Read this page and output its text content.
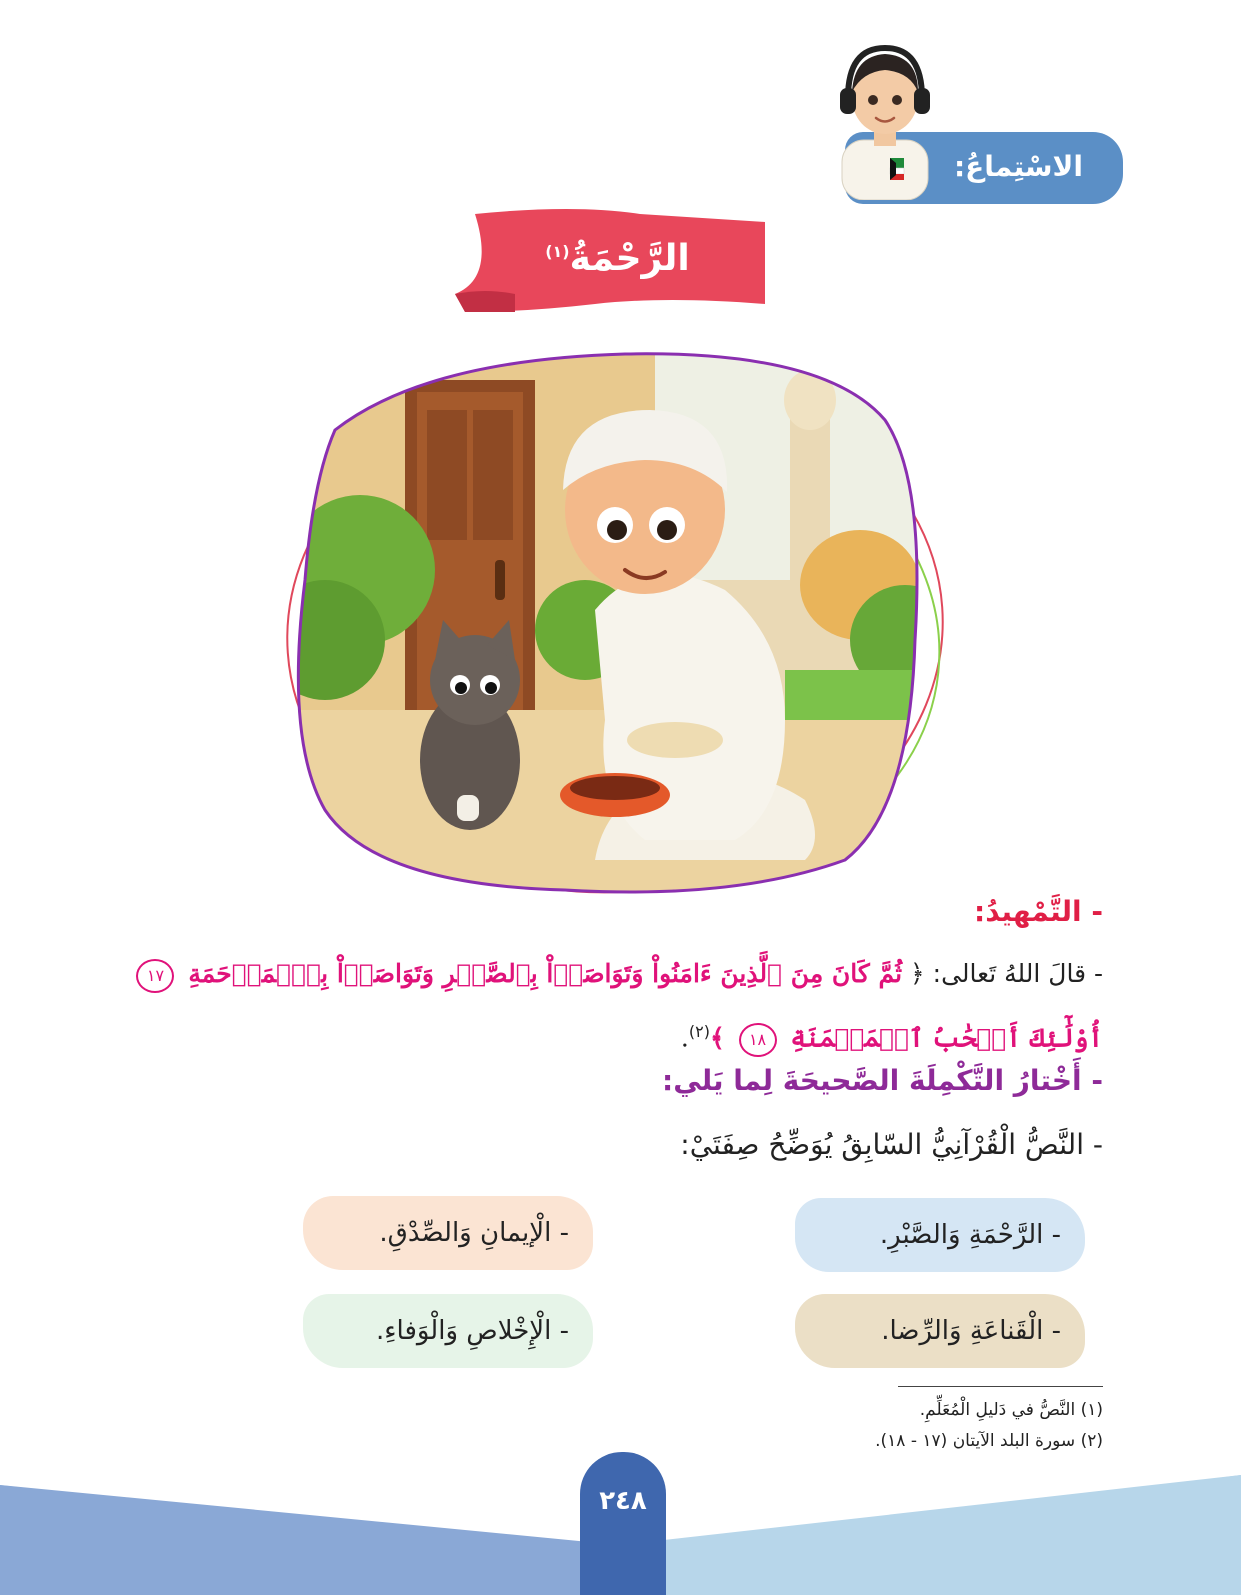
الاسْتِماعُ:
الرَّحْمَةُ$^{(١)}$
- التَّمْهيدُ:
- قالَ اللهُ تَعالى: ﴿ ثُمَّ كَانَ مِنَ ٱلَّذِينَ ءَامَنُواْ وَتَوَاصَوۡاْ بِٱلصَّبۡرِ وَتَوَاصَوۡاْ بِٱلۡمَرۡحَمَةِ ١٧ أُوْلَٰٓئِكَ أَصۡحَٰبُ ٱلۡمَيۡمَنَةِ ١٨ ﴾$^{(٢)}$.
- أَخْتارُ التَّكْمِلَةَ الصَّحيحَةَ لِما يَلي:
- النَّصُّ الْقُرْآنِيُّ السّابِقُ يُوَضِّحُ صِفَتَيْ:
- الرَّحْمَةِ وَالصَّبْرِ.
- الْإيمانِ وَالصِّدْقِ.
- الْقَناعَةِ وَالرِّضا.
- الْإِخْلاصِ وَالْوَفاءِ.
(١) النَّصُّ في دَليلِ الْمُعَلِّمِ.
(٢) سورة البلد الآيتان (١٧ - ١٨).
٢٤٨
